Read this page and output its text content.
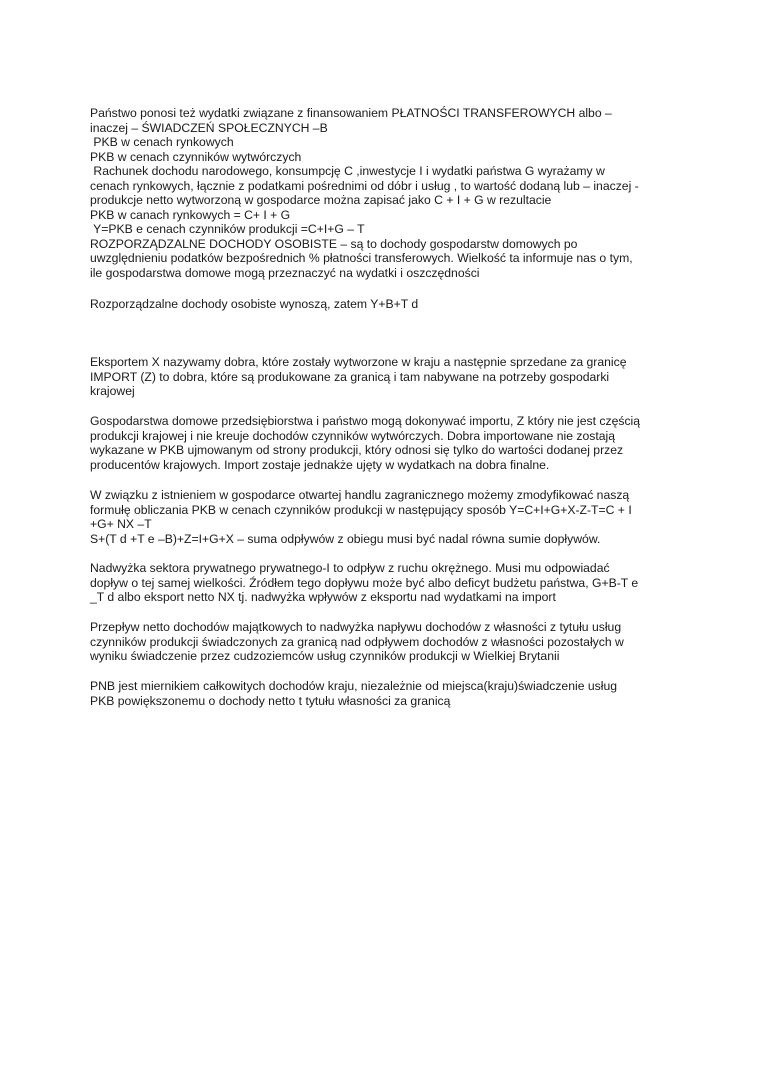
Państwo ponosi też wydatki związane z finansowaniem PŁATNOŚCI TRANSFEROWYCH albo –
inaczej – ŚWIADCZEŃ SPOŁECZNYCH –B
PKB w cenach rynkowych
PKB w cenach czynników wytwórczych
Rachunek dochodu narodowego, konsumpcję C ,inwestycje I i wydatki państwa G wyrażamy w
cenach rynkowych, łącznie z podatkami pośrednimi od dóbr i usług , to wartość dodaną lub – inaczej -
produkcje netto wytworzoną w gospodarce można zapisać jako C + I + G w rezultacie
PKB w canach rynkowych = C+ I + G
Y=PKB e cenach czynników produkcji =C+I+G – T
ROZPORZĄDZALNE DOCHODY OSOBISTE – są to dochody gospodarstw domowych po
uwzględnieniu podatków bezpośrednich % płatności transferowych. Wielkość ta informuje nas o tym,
ile gospodarstwa domowe mogą przeznaczyć na wydatki i oszczędności
Rozporządzalne dochody osobiste wynoszą, zatem Y+B+T d
Eksportem X nazywamy dobra, które zostały wytworzone w kraju a następnie sprzedane za granicę
IMPORT (Z) to dobra, które są produkowane za granicą i tam nabywane na potrzeby gospodarki
krajowej
Gospodarstwa domowe przedsiębiorstwa i państwo mogą dokonywać importu, Z który nie jest częścią
produkcji krajowej i nie kreuje dochodów czynników wytwórczych. Dobra importowane nie zostają
wykazane w PKB ujmowanym od strony produkcji, który odnosi się tylko do wartości dodanej przez
producentów krajowych. Import zostaje jednakże ujęty w wydatkach na dobra finalne.
W związku z istnieniem w gospodarce otwartej handlu zagranicznego możemy zmodyfikować naszą
formułę obliczania PKB w cenach czynników produkcji w następujący sposób Y=C+I+G+X-Z-T=C + I
+G+ NX –T
S+(T d +T e –B)+Z=I+G+X – suma odpływów z obiegu musi być nadal równa sumie dopływów.
Nadwyżka sektora prywatnego prywatnego-I to odpływ z ruchu okrężnego. Musi mu odpowiadać
dopływ o tej samej wielkości. Źródłem tego dopływu może być albo deficyt budżetu państwa, G+B-T e
_T d albo eksport netto NX tj. nadwyżka wpływów z eksportu nad wydatkami na import
Przepływ netto dochodów majątkowych to nadwyżka napływu dochodów z własności z tytułu usług
czynników produkcji świadczonych za granicą nad odpływem dochodów z własności pozostałych w
wyniku świadczenie przez cudzoziemców usług czynników produkcji w Wielkiej Brytanii
PNB jest miernikiem całkowitych dochodów kraju, niezależnie od miejsca(kraju)świadczenie usług
PKB powiększonemu o dochody netto t tytułu własności za granicą
